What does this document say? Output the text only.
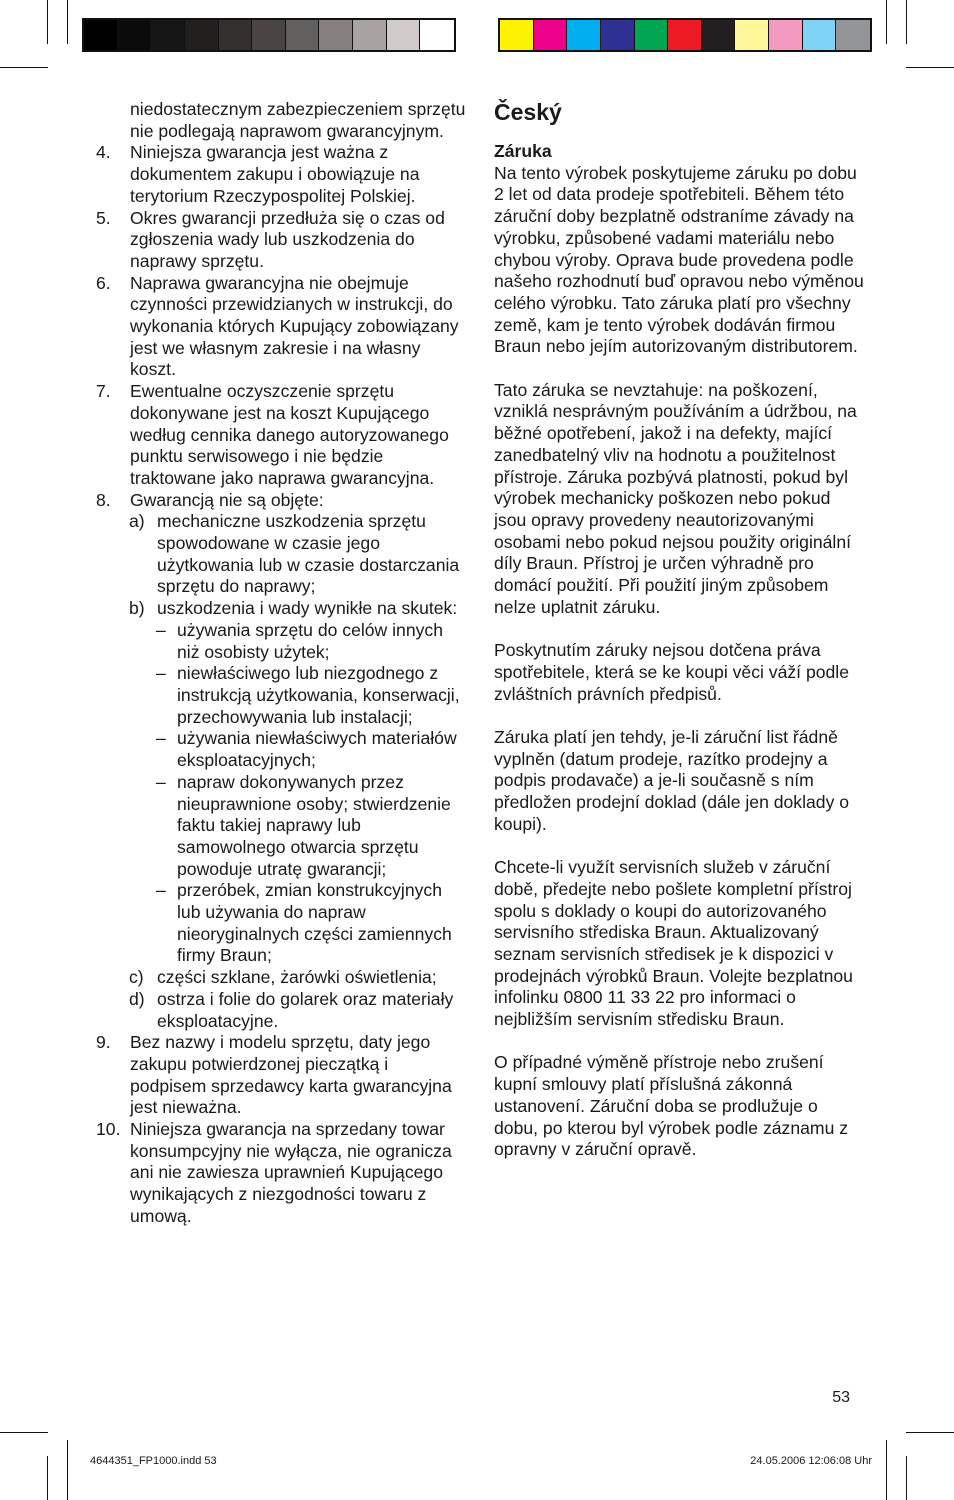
niedostatecznym zabezpieczeniem sprzętu nie podlegają naprawom gwarancyjnym.
4. Niniejsza gwarancja jest ważna z dokumentem zakupu i obowiązuje na terytorium Rzeczypospolitej Polskiej.
5. Okres gwarancji przedłuża się o czas od zgłoszenia wady lub uszkodzenia do naprawy sprzętu.
6. Naprawa gwarancyjna nie obejmuje czynności przewidzianych w instrukcji, do wykonania których Kupujący zobowiązany jest we własnym zakresie i na własny koszt.
7. Ewentualne oczyszczenie sprzętu dokonywane jest na koszt Kupującego według cennika danego autoryzowanego punktu serwisowego i nie będzie traktowane jako naprawa gwarancyjna.
8. Gwarancją nie są objęte:
a) mechaniczne uszkodzenia sprzętu spowodowane w czasie jego użytkowania lub w czasie dostarczania sprzętu do naprawy;
b) uszkodzenia i wady wynikłe na skutek:
– używania sprzętu do celów innych niż osobisty użytek;
– niewłaściwego lub niezgodnego z instrukcją użytkowania, konserwacji, przechowywania lub instalacji;
– używania niewłaściwych materiałów eksploatacyjnych;
– napraw dokonywanych przez nieuprawnione osoby; stwierdzenie faktu takiej naprawy lub samowolnego otwarcia sprzętu powoduje utratę gwarancji;
– przeróbek, zmian konstrukcyjnych lub używania do napraw nieoryginalnych części zamiennych firmy Braun;
c) części szklane, żarówki oświetlenia;
d) ostrza i folie do golarek oraz materiały eksploatacyjne.
9. Bez nazwy i modelu sprzętu, daty jego zakupu potwierdzonej pieczątką i podpisem sprzedawcy karta gwarancyjna jest nieważna.
10. Niniejsza gwarancja na sprzedany towar konsumpcyjny nie wyłącza, nie ogranicza ani nie zawiesza uprawnień Kupującego wynikających z niezgodności towaru z umową.
Český

Záruka

Na tento výrobek poskytujeme záruku po dobu 2 let od data prodeje spotřebiteli. Během této záruční doby bezplatně odstraníme závady na výrobku, způsobené vadami materiálu nebo chybou výroby. Oprava bude provedena podle našeho rozhodnutí buď opravou nebo výměnou

celého výrobku. Tato záruka platí pro všechny země, kam je tento výrobek dodáván firmou Braun nebo jejím autorizovaným distributorem.

Tato záruka se nevztahuje: na poškození, vzniklá nesprávným používáním a údržbou, na běžné opotřebení, jakož i na defekty, mající zanedbatelný vliv na hodnotu a použitelnost přístroje. Záruka pozbývá platnosti, pokud byl výrobek mechanicky poškozen nebo pokud jsou opravy provedeny neautorizovanými osobami nebo pokud nejsou použity originální díly Braun. Přístroj je určen výhradně pro domácí použití. Při použití jiným způsobem nelze uplatnit záruku.

Poskytnutím záruky nejsou dotčena práva spotřebitele, která se ke koupi věci váží podle zvláštních právních předpisů.

Záruka platí jen tehdy, je-li záruční list řádně vyplněn (datum prodeje, razítko prodejny a podpis prodavače) a je-li současně s ním předložen prodejní doklad (dále jen doklady o koupi).

Chcete-li využít servisních služeb v záruční době, předejte nebo pošlete kompletní přístroj spolu s doklady o koupi do autorizovaného servisního střediska Braun. Aktualizovaný seznam servisních středisek je k dispozici v prodejnách výrobků Braun. Volejte bezplatnou infolinku 0800 11 33 22 pro informaci o nejbližším servisním středisku Braun.

O případné výměně přístroje nebo zrušení kupní smlouvy platí příslušná zákonná ustanovení. Záruční doba se prodlužuje o dobu, po kterou byl výrobek podle záznamu z opravny v záruční opravě.

53
4644351_FP1000.indd 53	24.05.2006 12:06:08 Uhr
